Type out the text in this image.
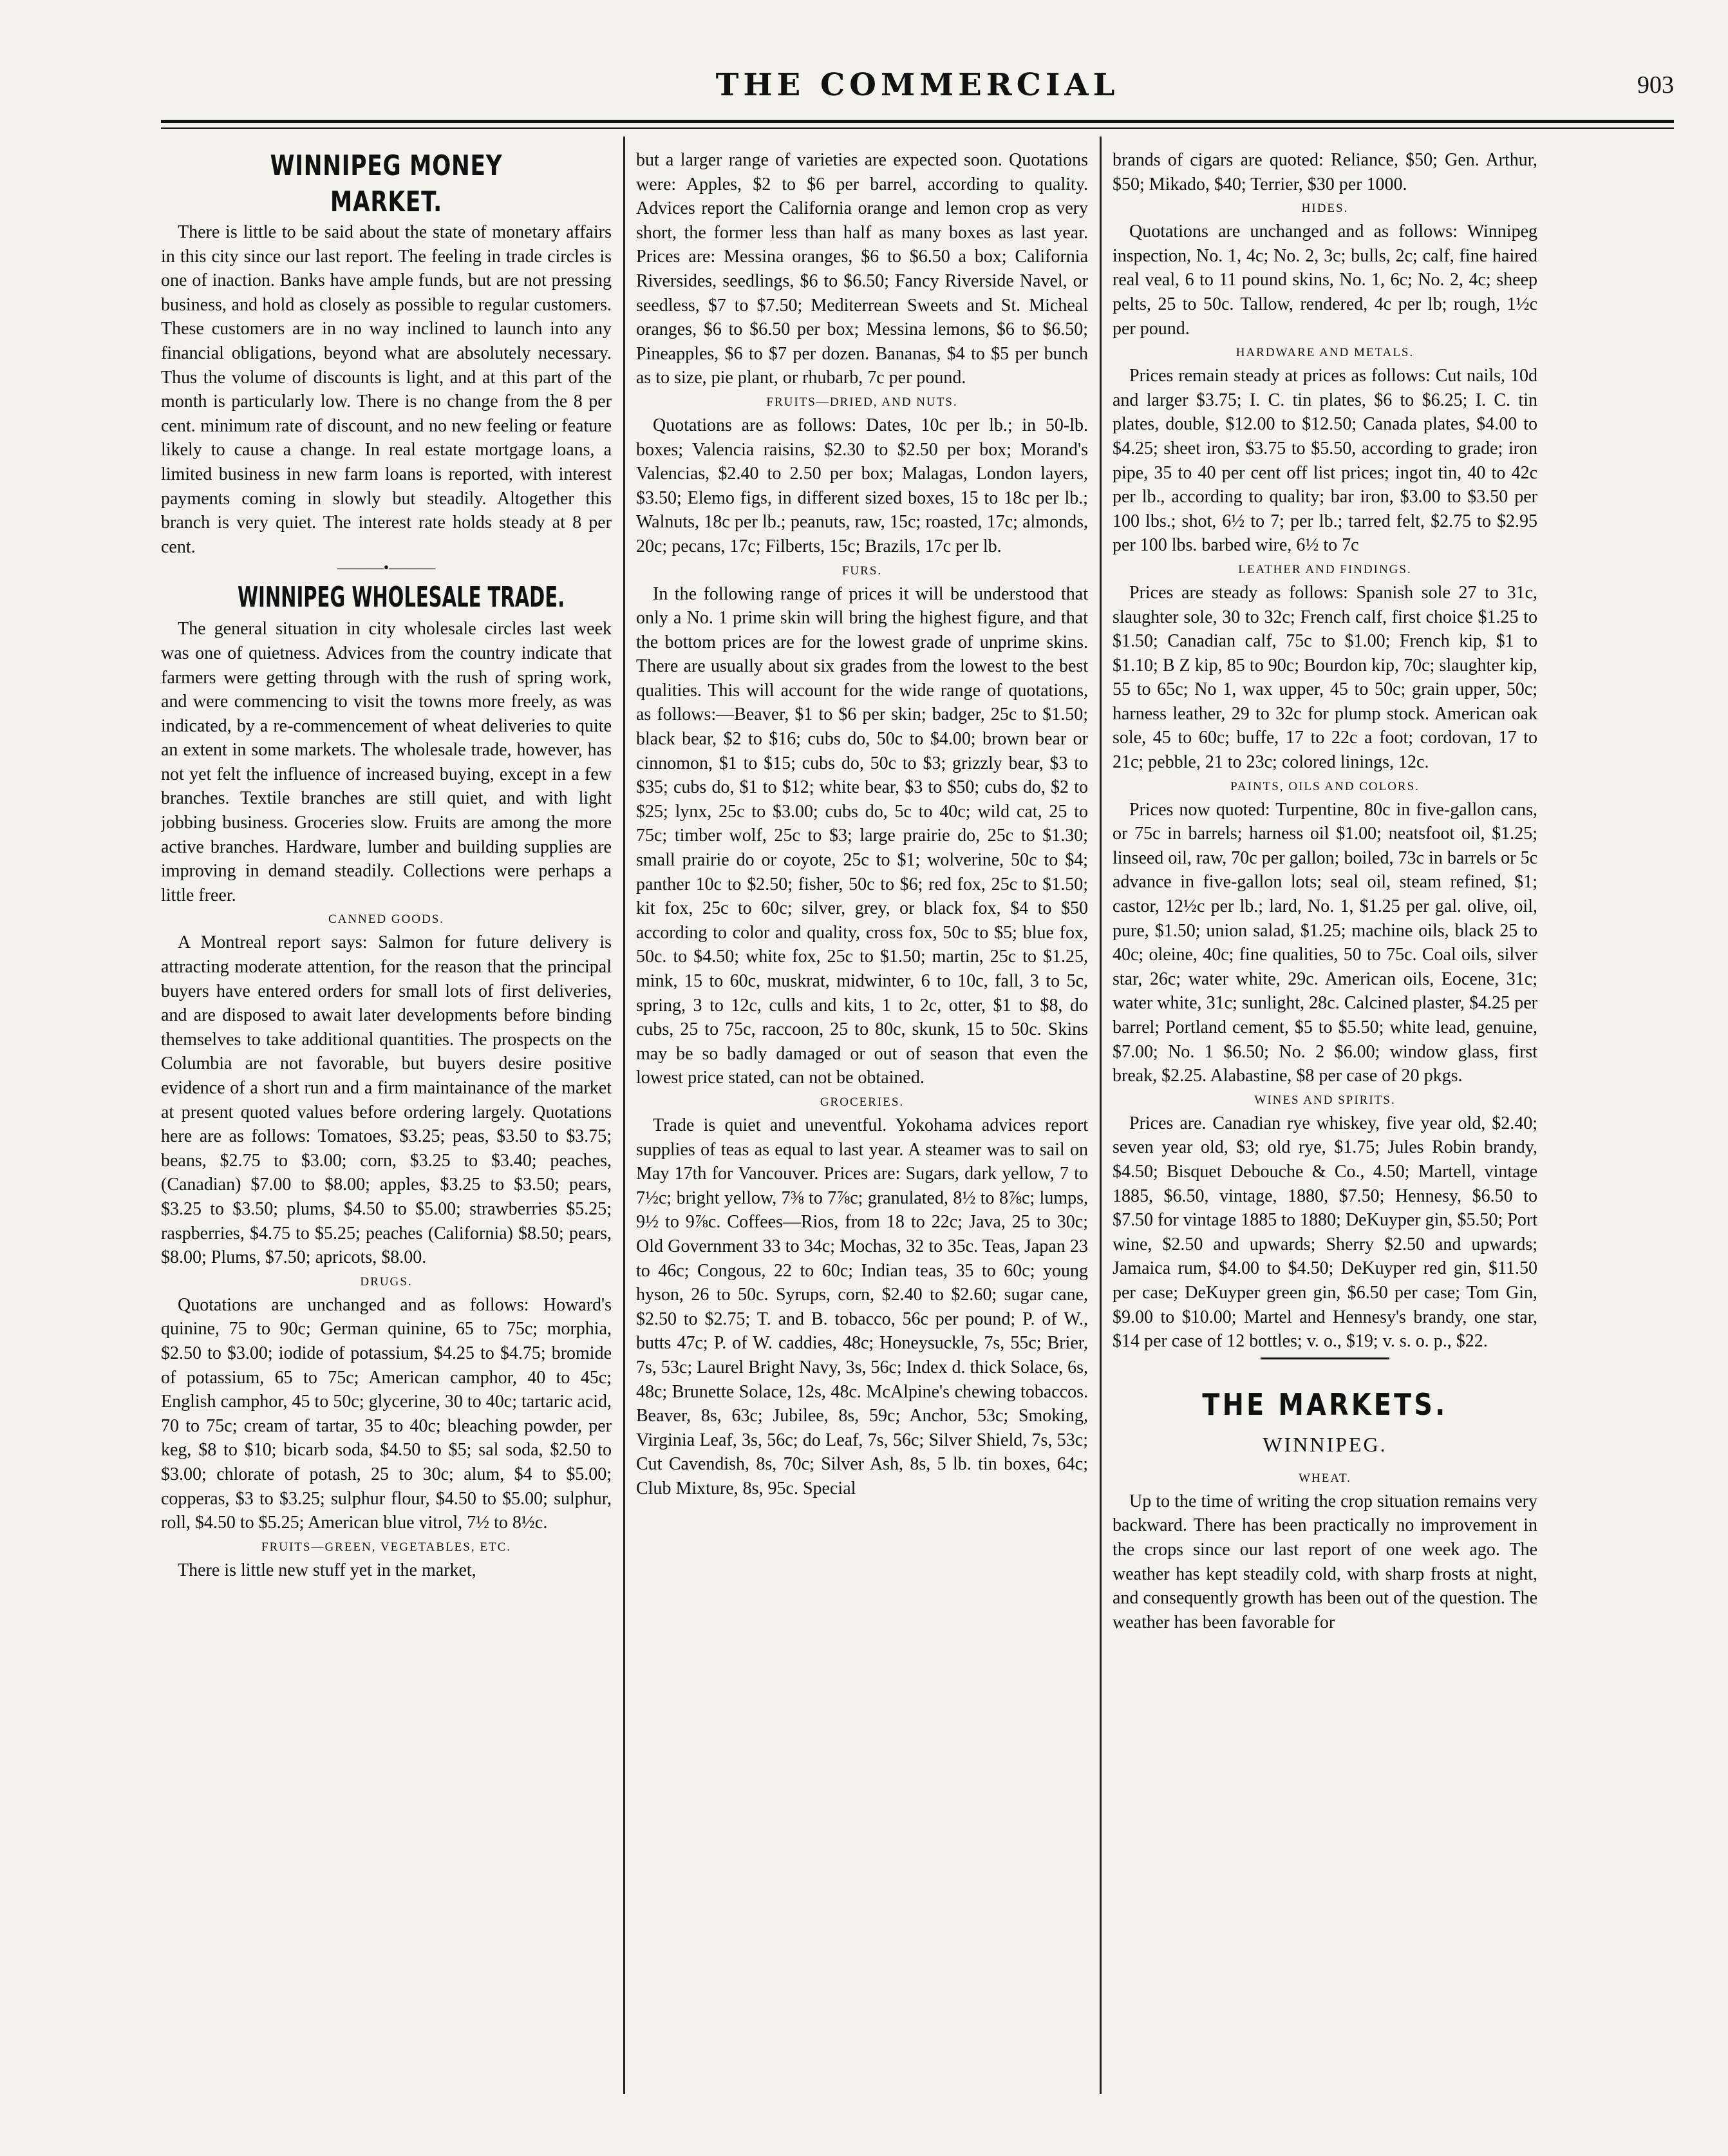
THE COMMERCIAL	903
WINNIPEG MONEY MARKET.

There is little to be said about the state of monetary affairs in this city since our last report. The feeling in trade circles is one of inaction. Banks have ample funds, but are not pressing business, and hold as closely as possible to regular customers. These customers are in no way inclined to launch into any financial obligations, beyond what are absolutely necessary. Thus the volume of discounts is light, and at this part of the month is particularly low. There is no change from the 8 per cent. minimum rate of discount, and no new feeling or feature likely to cause a change. In real estate mortgage loans, a limited business in new farm loans is reported, with interest payments coming in slowly but steadily. Altogether this branch is very quiet. The interest rate holds steady at 8 per cent.

———•———
WINNIPEG WHOLESALE TRADE.

The general situation in city wholesale circles last week was one of quietness. Advices from the country indicate that farmers were getting through with the rush of spring work, and were commencing to visit the towns more freely, as was indicated, by a re-commencement of wheat deliveries to quite an extent in some markets. The wholesale trade, however, has not yet felt the influence of increased buying, except in a few branches. Textile branches are still quiet, and with light jobbing business. Groceries slow. Fruits are among the more active branches. Hardware, lumber and building supplies are improving in demand steadily. Collections were perhaps a little freer.

CANNED GOODS.

A Montreal report says: Salmon for future delivery is attracting moderate attention, for the reason that the principal buyers have entered orders for small lots of first deliveries, and are disposed to await later developments before binding themselves to take additional quantities. The prospects on the Columbia are not favorable, but buyers desire positive evidence of a short run and a firm maintainance of the market at present quoted values before ordering largely. Quotations here are as follows: Tomatoes, $3.25; peas, $3.50 to $3.75; beans, $2.75 to $3.00; corn, $3.25 to $3.40; peaches, (Canadian) $7.00 to $8.00; apples, $3.25 to $3.50; pears, $3.25 to $3.50; plums, $4.50 to $5.00; strawberries $5.25; raspberries, $4.75 to $5.25; peaches (California) $8.50; pears, $8.00; Plums, $7.50; apricots, $8.00.

DRUGS.

Quotations are unchanged and as follows: Howard's quinine, 75 to 90c; German quinine, 65 to 75c; morphia, $2.50 to $3.00; iodide of potassium, $4.25 to $4.75; bromide of potassium, 65 to 75c; American camphor, 40 to 45c; English camphor, 45 to 50c; glycerine, 30 to 40c; tartaric acid, 70 to 75c; cream of tartar, 35 to 40c; bleaching powder, per keg, $8 to $10; bicarb soda, $4.50 to $5; sal soda, $2.50 to $3.00; chlorate of potash, 25 to 30c; alum, $4 to $5.00; copperas, $3 to $3.25; sulphur flour, $4.50 to $5.00; sulphur, roll, $4.50 to $5.25; American blue vitrol, 7½ to 8½c.

FRUITS—GREEN, VEGETABLES, ETC.

There is little new stuff yet in the market,

but a larger range of varieties are expected soon. Quotations were: Apples, $2 to $6 per barrel, according to quality. Advices report the California orange and lemon crop as very short, the former less than half as many boxes as last year. Prices are: Messina oranges, $6 to $6.50 a box; California Riversides, seedlings, $6 to $6.50; Fancy Riverside Navel, or seedless, $7 to $7.50; Mediterrean Sweets and St. Micheal oranges, $6 to $6.50 per box; Messina lemons, $6 to $6.50; Pineapples, $6 to $7 per dozen. Bananas, $4 to $5 per bunch as to size, pie plant, or rhubarb, 7c per pound.

FRUITS—DRIED, AND NUTS.

Quotations are as follows: Dates, 10c per lb.; in 50-lb. boxes; Valencia raisins, $2.30 to $2.50 per box; Morand's Valencias, $2.40 to 2.50 per box; Malagas, London layers, $3.50; Elemo figs, in different sized boxes, 15 to 18c per lb.; Walnuts, 18c per lb.; peanuts, raw, 15c; roasted, 17c; almonds, 20c; pecans, 17c; Filberts, 15c; Brazils, 17c per lb.

FURS.

In the following range of prices it will be understood that only a No. 1 prime skin will bring the highest figure, and that the bottom prices are for the lowest grade of unprime skins. There are usually about six grades from the lowest to the best qualities. This will account for the wide range of quotations, as follows:—Beaver, $1 to $6 per skin; badger, 25c to $1.50; black bear, $2 to $16; cubs do, 50c to $4.00; brown bear or cinnomon, $1 to $15; cubs do, 50c to $3; grizzly bear, $3 to $35; cubs do, $1 to $12; white bear, $3 to $50; cubs do, $2 to $25; lynx, 25c to $3.00; cubs do, 5c to 40c; wild cat, 25 to 75c; timber wolf, 25c to $3; large prairie do, 25c to $1.30; small prairie do or coyote, 25c to $1; wolverine, 50c to $4; panther 10c to $2.50; fisher, 50c to $6; red fox, 25c to $1.50; kit fox, 25c to 60c; silver, grey, or black fox, $4 to $50 according to color and quality, cross fox, 50c to $5; blue fox, 50c. to $4.50; white fox, 25c to $1.50; martin, 25c to $1.25, mink, 15 to 60c, muskrat, midwinter, 6 to 10c, fall, 3 to 5c, spring, 3 to 12c, culls and kits, 1 to 2c, otter, $1 to $8, do cubs, 25 to 75c, raccoon, 25 to 80c, skunk, 15 to 50c. Skins may be so badly damaged or out of season that even the lowest price stated, can not be obtained.

GROCERIES.

Trade is quiet and uneventful. Yokohama advices report supplies of teas as equal to last year. A steamer was to sail on May 17th for Vancouver. Prices are: Sugars, dark yellow, 7 to 7½c; bright yellow, 7⅜ to 7⅞c; granulated, 8½ to 8⅞c; lumps, 9½ to 9⅞c. Coffees—Rios, from 18 to 22c; Java, 25 to 30c; Old Government 33 to 34c; Mochas, 32 to 35c. Teas, Japan 23 to 46c; Congous, 22 to 60c; Indian teas, 35 to 60c; young hyson, 26 to 50c. Syrups, corn, $2.40 to $2.60; sugar cane, $2.50 to $2.75; T. and B. tobacco, 56c per pound; P. of W., butts 47c; P. of W. caddies, 48c; Honeysuckle, 7s, 55c; Brier, 7s, 53c; Laurel Bright Navy, 3s, 56c; Index d. thick Solace, 6s, 48c; Brunette Solace, 12s, 48c. McAlpine's chewing tobaccos. Beaver, 8s, 63c; Jubilee, 8s, 59c; Anchor, 53c; Smoking, Virginia Leaf, 3s, 56c; do Leaf, 7s, 56c; Silver Shield, 7s, 53c; Cut Cavendish, 8s, 70c; Silver Ash, 8s, 5 lb. tin boxes, 64c; Club Mixture, 8s, 95c. Special

brands of cigars are quoted: Reliance, $50; Gen. Arthur, $50; Mikado, $40; Terrier, $30 per 1000.

HIDES.

Quotations are unchanged and as follows: Winnipeg inspection, No. 1, 4c; No. 2, 3c; bulls, 2c; calf, fine haired real veal, 6 to 11 pound skins, No. 1, 6c; No. 2, 4c; sheep pelts, 25 to 50c. Tallow, rendered, 4c per lb; rough, 1½c per pound.

HARDWARE AND METALS.

Prices remain steady at prices as follows: Cut nails, 10d and larger $3.75; I. C. tin plates, $6 to $6.25; I. C. tin plates, double, $12.00 to $12.50; Canada plates, $4.00 to $4.25; sheet iron, $3.75 to $5.50, according to grade; iron pipe, 35 to 40 per cent off list prices; ingot tin, 40 to 42c per lb., according to quality; bar iron, $3.00 to $3.50 per 100 lbs.; shot, 6½ to 7; per lb.; tarred felt, $2.75 to $2.95 per 100 lbs. barbed wire, 6½ to 7c

LEATHER AND FINDINGS.

Prices are steady as follows: Spanish sole 27 to 31c, slaughter sole, 30 to 32c; French calf, first choice $1.25 to $1.50; Canadian calf, 75c to $1.00; French kip, $1 to $1.10; B Z kip, 85 to 90c; Bourdon kip, 70c; slaughter kip, 55 to 65c; No 1, wax upper, 45 to 50c; grain upper, 50c; harness leather, 29 to 32c for plump stock. American oak sole, 45 to 60c; buffe, 17 to 22c a foot; cordovan, 17 to 21c; pebble, 21 to 23c; colored linings, 12c.

PAINTS, OILS AND COLORS.

Prices now quoted: Turpentine, 80c in five-gallon cans, or 75c in barrels; harness oil $1.00; neatsfoot oil, $1.25; linseed oil, raw, 70c per gallon; boiled, 73c in barrels or 5c advance in five-gallon lots; seal oil, steam refined, $1; castor, 12½c per lb.; lard, No. 1, $1.25 per gal. olive, oil, pure, $1.50; union salad, $1.25; machine oils, black 25 to 40c; oleine, 40c; fine qualities, 50 to 75c. Coal oils, silver star, 26c; water white, 29c. American oils, Eocene, 31c; water white, 31c; sunlight, 28c. Calcined plaster, $4.25 per barrel; Portland cement, $5 to $5.50; white lead, genuine, $7.00; No. 1 $6.50; No. 2 $6.00; window glass, first break, $2.25. Alabastine, $8 per case of 20 pkgs.

WINES AND SPIRITS.

Prices are. Canadian rye whiskey, five year old, $2.40; seven year old, $3; old rye, $1.75; Jules Robin brandy, $4.50; Bisquet Debouche & Co., 4.50; Martell, vintage 1885, $6.50, vintage, 1880, $7.50; Hennesy, $6.50 to $7.50 for vintage 1885 to 1880; DeKuyper gin, $5.50; Port wine, $2.50 and upwards; Sherry $2.50 and upwards; Jamaica rum, $4.00 to $4.50; DeKuyper red gin, $11.50 per case; DeKuyper green gin, $6.50 per case; Tom Gin, $9.00 to $10.00; Martel and Hennesy's brandy, one star, $14 per case of 12 bottles; v. o., $19; v. s. o. p., $22.

THE MARKETS.
WINNIPEG.
WHEAT.

Up to the time of writing the crop situation remains very backward. There has been practically no improvement in the crops since our last report of one week ago. The weather has kept steadily cold, with sharp frosts at night, and consequently growth has been out of the question. The weather has been favorable for
